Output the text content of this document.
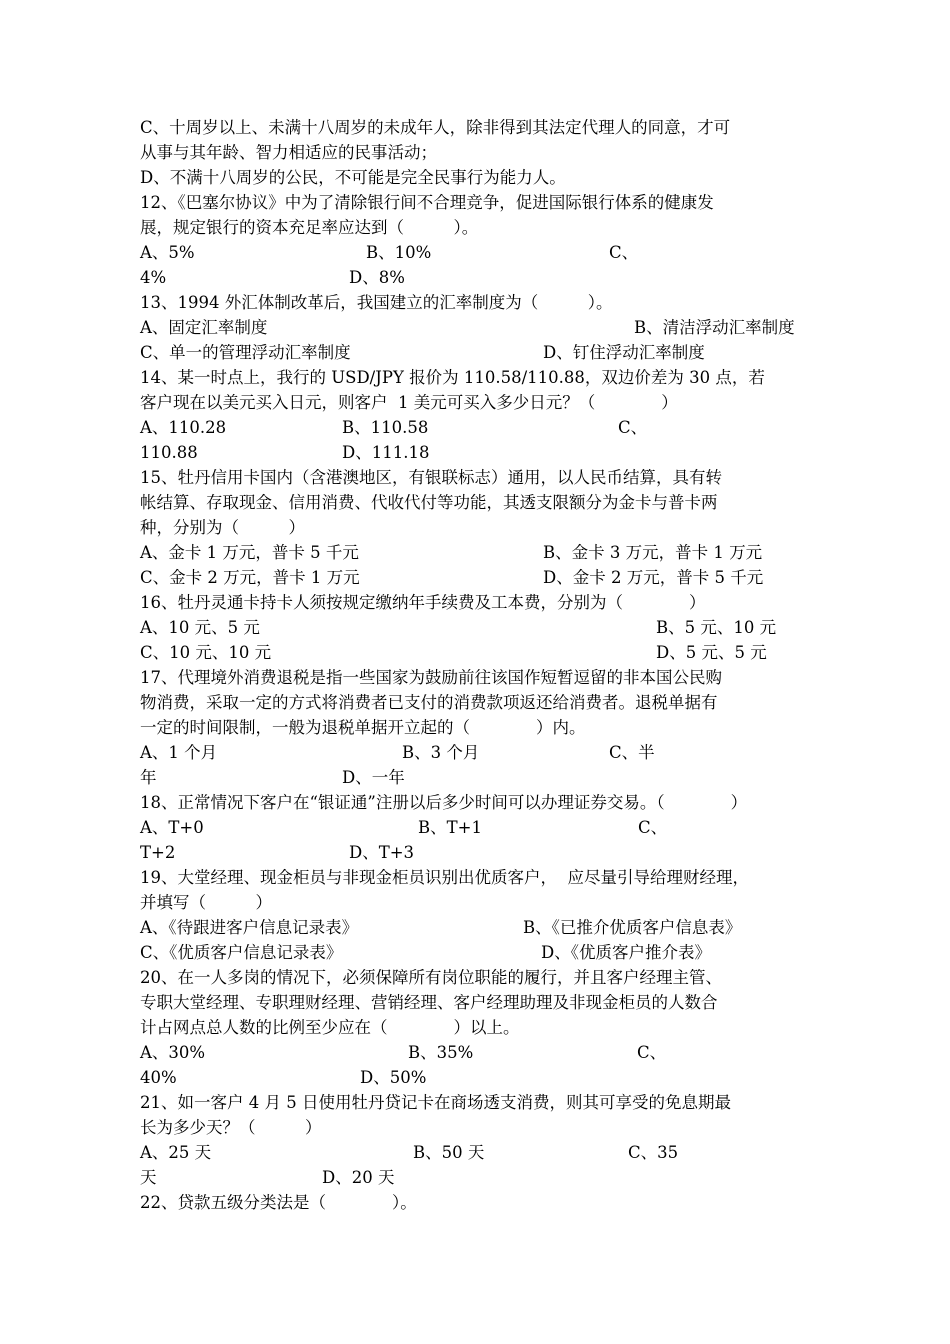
C、十周岁以上、未满十八周岁的未成年人，除非得到其法定代理人的同意，才可
从事与其年龄、智力相适应的民事活动；
D、不满十八周岁的公民，不可能是完全民事行为能力人。
12、《巴塞尔协议》中为了清除银行间不合理竞争，促进国际银行体系的健康发
展，规定银行的资本充足率应达到（　　　）。
A、5%	B、10%	C、
4%	D、8%
13、1994 外汇体制改革后，我国建立的汇率制度为（　　　）。
A、固定汇率制度	B、清洁浮动汇率制度
C、单一的管理浮动汇率制度	D、钉住浮动汇率制度
14、某一时点上，我行的 USD/JPY 报价为 110.58/110.88，双边价差为 30 点，若
客户现在以美元买入日元，则客户  1 美元可买入多少日元？（　　　　）
A、110.28	B、110.58	C、
110.88	D、111.18
15、牡丹信用卡国内（含港澳地区，有银联标志）通用，以人民币结算，具有转
帐结算、存取现金、信用消费、代收代付等功能，其透支限额分为金卡与普卡两
种，分别为（　　　）
A、金卡 1 万元，普卡 5 千元	B、金卡 3 万元，普卡 1 万元
C、金卡 2 万元，普卡 1 万元	D、金卡 2 万元，普卡 5 千元
16、牡丹灵通卡持卡人须按规定缴纳年手续费及工本费，分别为（　　　　）
A、10 元、5 元	B、5 元、10 元
C、10 元、10 元	D、5 元、5 元
17、代理境外消费退税是指一些国家为鼓励前往该国作短暂逗留的非本国公民购
物消费，采取一定的方式将消费者已支付的消费款项返还给消费者。退税单据有
一定的时间限制，一般为退税单据开立起的（　　　　）内。
A、1 个月	B、3 个月	C、半
年	D、一年
18、正常情况下客户在“银证通”注册以后多少时间可以办理证券交易。（　　　　）
A、T+0	B、T+1	C、
T+2	D、T+3
19、大堂经理、现金柜员与非现金柜员识别出优质客户，  应尽量引导给理财经理，
并填写（　　　）
A、《待跟进客户信息记录表》	B、《已推介优质客户信息表》
C、《优质客户信息记录表》	D、《优质客户推介表》
20、在一人多岗的情况下，必须保障所有岗位职能的履行，并且客户经理主管、
专职大堂经理、专职理财经理、营销经理、客户经理助理及非现金柜员的人数合
计占网点总人数的比例至少应在（　　　　）以上。
A、30%	B、35%	C、
40%	D、50%
21、如一客户 4 月 5 日使用牡丹贷记卡在商场透支消费，则其可享受的免息期最
长为多少天？（　　　）
A、25 天	B、50 天	C、35
天	D、20 天
22、贷款五级分类法是（　　　　）。
